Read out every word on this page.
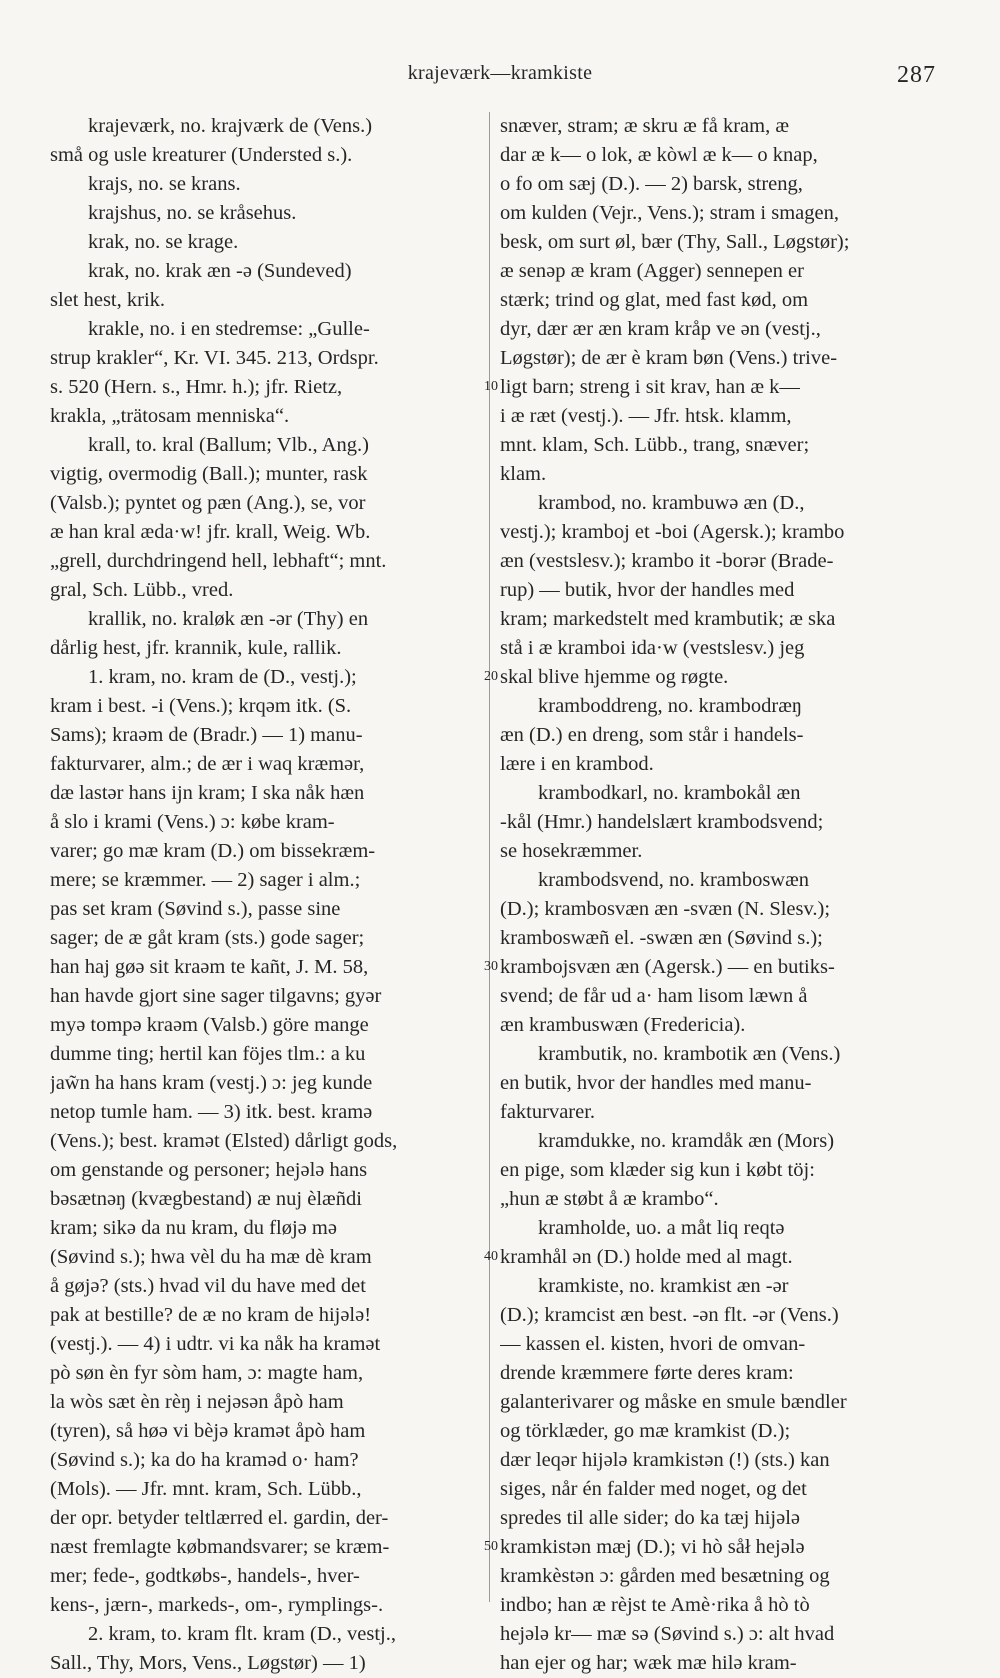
krajeværk—kramkiste	287
krajeværk, no. krajværk de (Vens.)
små og usle kreaturer (Understed s.).
krajs, no. se krans.
krajshus, no. se kråsehus.
krak, no. se krage.
krak, no. krak æn -ə (Sundeved)
slet hest, krik.
krakle, no. i en stedremse: „Gulle-
strup krakler“, Kr. VI. 345. 213, Ordspr.
s. 520 (Hern. s., Hmr. h.); jfr. Rietz,
krakla, „trätosam menniska“.
krall, to. kral (Ballum; Vlb., Ang.)
vigtig, overmodig (Ball.); munter, rask
(Valsb.); pyntet og pæn (Ang.), se, vor
æ han kral æda·w! jfr. krall, Weig. Wb.
„grell, durchdringend hell, lebhaft“; mnt.
gral, Sch. Lübb., vred.
krallik, no. kraløk æn -ər (Thy) en
dårlig hest, jfr. krannik, kule, rallik.
1. kram, no. kram de (D., vestj.);
kram i best. -i (Vens.); krqəm itk. (S.
Sams); kraəm de (Bradr.) — 1) manu-
fakturvarer, alm.; de ær i waq kræmər,
dæ lastər hans ijn kram; I ska nåk hæn
å slo i krami (Vens.) ɔ: købe kram-
varer; go mæ kram (D.) om bissekræm-
mere; se kræmmer. — 2) sager i alm.;
pas set kram (Søvind s.), passe sine
sager; de æ gåt kram (sts.) gode sager;
han haj gøə sit kraəm te kañt, J. M. 58,
han havde gjort sine sager tilgavns; gyər
myə tompə kraəm (Valsb.) göre mange
dumme ting; hertil kan föjes tlm.: a ku
jaw̃n ha hans kram (vestj.) ɔ: jeg kunde
netop tumle ham. — 3) itk. best. kramə
(Vens.); best. kramət (Elsted) dårligt gods,
om genstande og personer; hejələ hans
bəsætnəŋ (kvægbestand) æ nuj èlæñdi
kram; sikə da nu kram, du fløjə mə
(Søvind s.); hwa vèl du ha mæ dè kram
å gøjə? (sts.) hvad vil du have med det
pak at bestille? de æ no kram de hijələ!
(vestj.). — 4) i udtr. vi ka nåk ha kramət
pò søn èn fyr sòm ham, ɔ: magte ham,
la wòs sæt èn rèŋ i nejəsən åpò ham
(tyren), så høə vi bèjə kramət åpò ham
(Søvind s.); ka do ha kraməd o· ham?
(Mols). — Jfr. mnt. kram, Sch. Lübb.,
der opr. betyder teltlærred el. gardin, der-
næst fremlagte købmandsvarer; se kræm-
mer; fede-, godtkøbs-, handels-, hver-
kens-, jærn-, markeds-, om-, rymplings-.
2. kram, to. kram flt. kram (D., vestj.,
Sall., Thy, Mors, Vens., Løgstør) — 1)
snæver, stram; æ skru æ få kram, æ
dar æ k— o lok, æ kòwl æ k— o knap,
o fo om sæj (D.). — 2) barsk, streng,
om kulden (Vejr., Vens.); stram i smagen,
besk, om surt øl, bær (Thy, Sall., Løgstør);
æ senəp æ kram (Agger) sennepen er
stærk; trind og glat, med fast kød, om
dyr, dær ær æn kram kråp ve ən (vestj.,
Løgstør); de ær è kram bøn (Vens.) trive-
ligt barn; streng i sit krav, han æ k—
i æ ræt (vestj.). — Jfr. htsk. klamm,
mnt. klam, Sch. Lübb., trang, snæver;
klam.
krambod, no. krambuwə æn (D.,
vestj.); kramboj et -boi (Agersk.); krambo
æn (vestslesv.); krambo it -borər (Brade-
rup) — butik, hvor der handles med
kram; markedstelt med krambutik; æ ska
stå i æ kramboi ida·w (vestslesv.) jeg
skal blive hjemme og røgte.
kramboddreng, no. krambodræŋ
æn (D.) en dreng, som står i handels-
lære i en krambod.
krambodkarl, no. krambokål æn
-kål (Hmr.) handelslært krambodsvend;
se hosekræmmer.
krambodsvend, no. kramboswæn
(D.); krambosvæn æn -svæn (N. Slesv.);
kramboswæñ el. -swæn æn (Søvind s.);
krambojsvæn æn (Agersk.) — en butiks-
svend; de får ud a· ham lisom læwn å
æn krambuswæn (Fredericia).
krambutik, no. krambotik æn (Vens.)
en butik, hvor der handles med manu-
fakturvarer.
kramdukke, no. kramdåk æn (Mors)
en pige, som klæder sig kun i købt töj:
„hun æ støbt å æ krambo“.
kramholde, uo. a måt liq reqtə
kramhål ən (D.) holde med al magt.
kramkiste, no. kramkist æn -ər
(D.); kramcist æn best. -ən flt. -ər (Vens.)
— kassen el. kisten, hvori de omvan-
drende kræmmere førte deres kram:
galanterivarer og måske en smule bændler
og törklæder, go mæ kramkist (D.);
dær leqər hijələ kramkistən (!) (sts.) kan
siges, når én falder med noget, og det
spredes til alle sider; do ka tæj hijələ
kramkistən mæj (D.); vi hò såł hejələ
kramkèstən ɔ: gården med besætning og
indbo; han æ rèjst te Amè·rika å hò tò
hejələ kr— mæ sə (Søvind s.) ɔ: alt hvad
han ejer og har; wæk mæ hilə kram-
10
20
30
40
50
